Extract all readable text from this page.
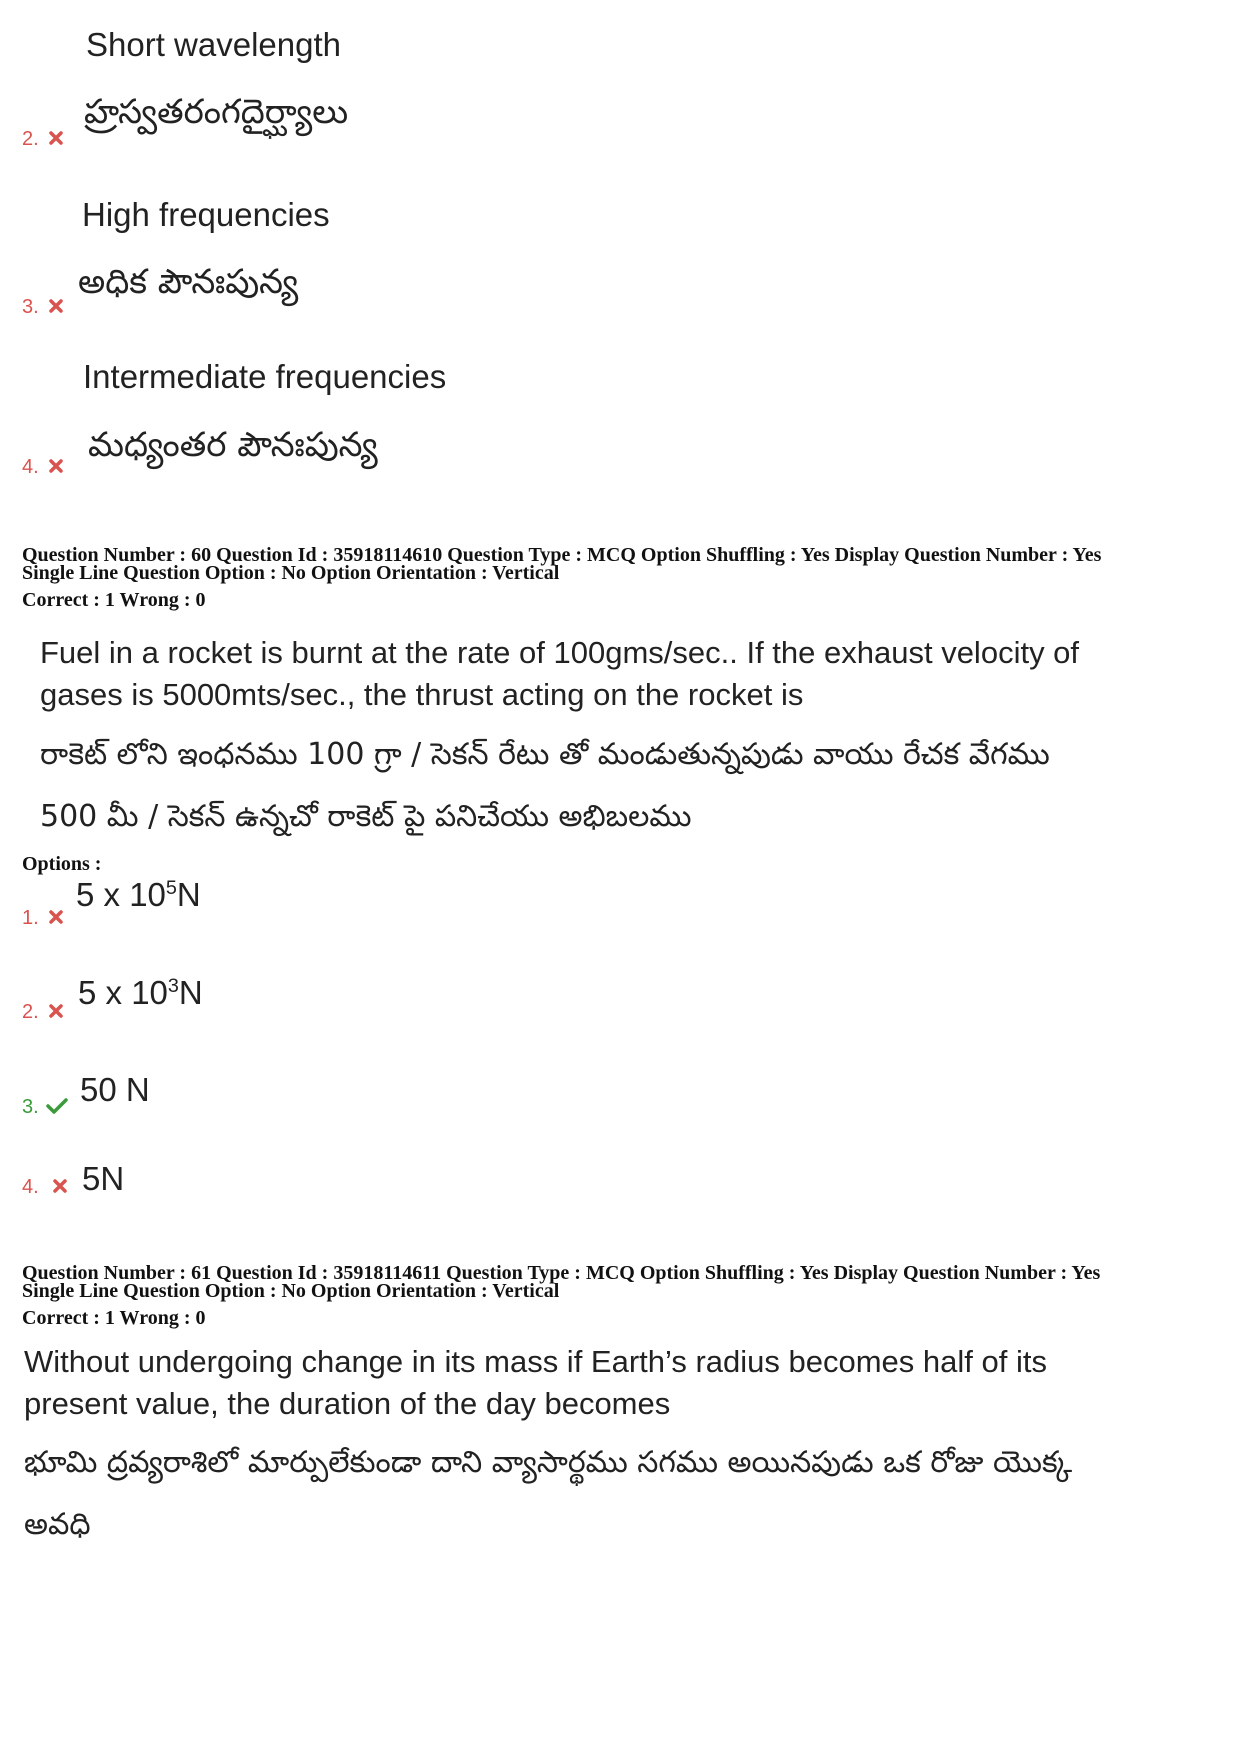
Short wavelength
హ్రస్వతరంగదైర్ఘ్యాలు
2.
High frequencies
అధిక పౌనఃపున్య
3.
Intermediate frequencies
మధ్యంతర పౌనఃపున్య
4.
Question Number : 60 Question Id : 35918114610 Question Type : MCQ Option Shuffling : Yes Display Question Number : Yes
Single Line Question Option : No Option Orientation : Vertical
Correct : 1 Wrong : 0
Fuel in a rocket is burnt at the rate of 100gms/sec.. If the exhaust velocity of
gases is 5000mts/sec., the thrust acting on the rocket is
రాకెట్ లోని ఇంధనము 100 గ్రా / సెకన్ రేటు తో మండుతున్నపుడు వాయు రేచక వేగము
500 మీ / సెకన్ ఉన్నచో రాకెట్ పై పనిచేయు అభిబలము
Options :
1.
5 x $10^5N$
2.
5 x $10^3N$
3.	50 N
4.	5N
Question Number : 61 Question Id : 35918114611 Question Type : MCQ Option Shuffling : Yes Display Question Number : Yes
Single Line Question Option : No Option Orientation : Vertical
Correct : 1 Wrong : 0
Without undergoing change in its mass if Earth’s radius becomes half of its
present value, the duration of the day becomes
భూమి ద్రవ్యరాశిలో మార్పులేకుండా దాని వ్యాసార్థము సగము అయినపుడు ఒక రోజు యొక్క
అవధి
